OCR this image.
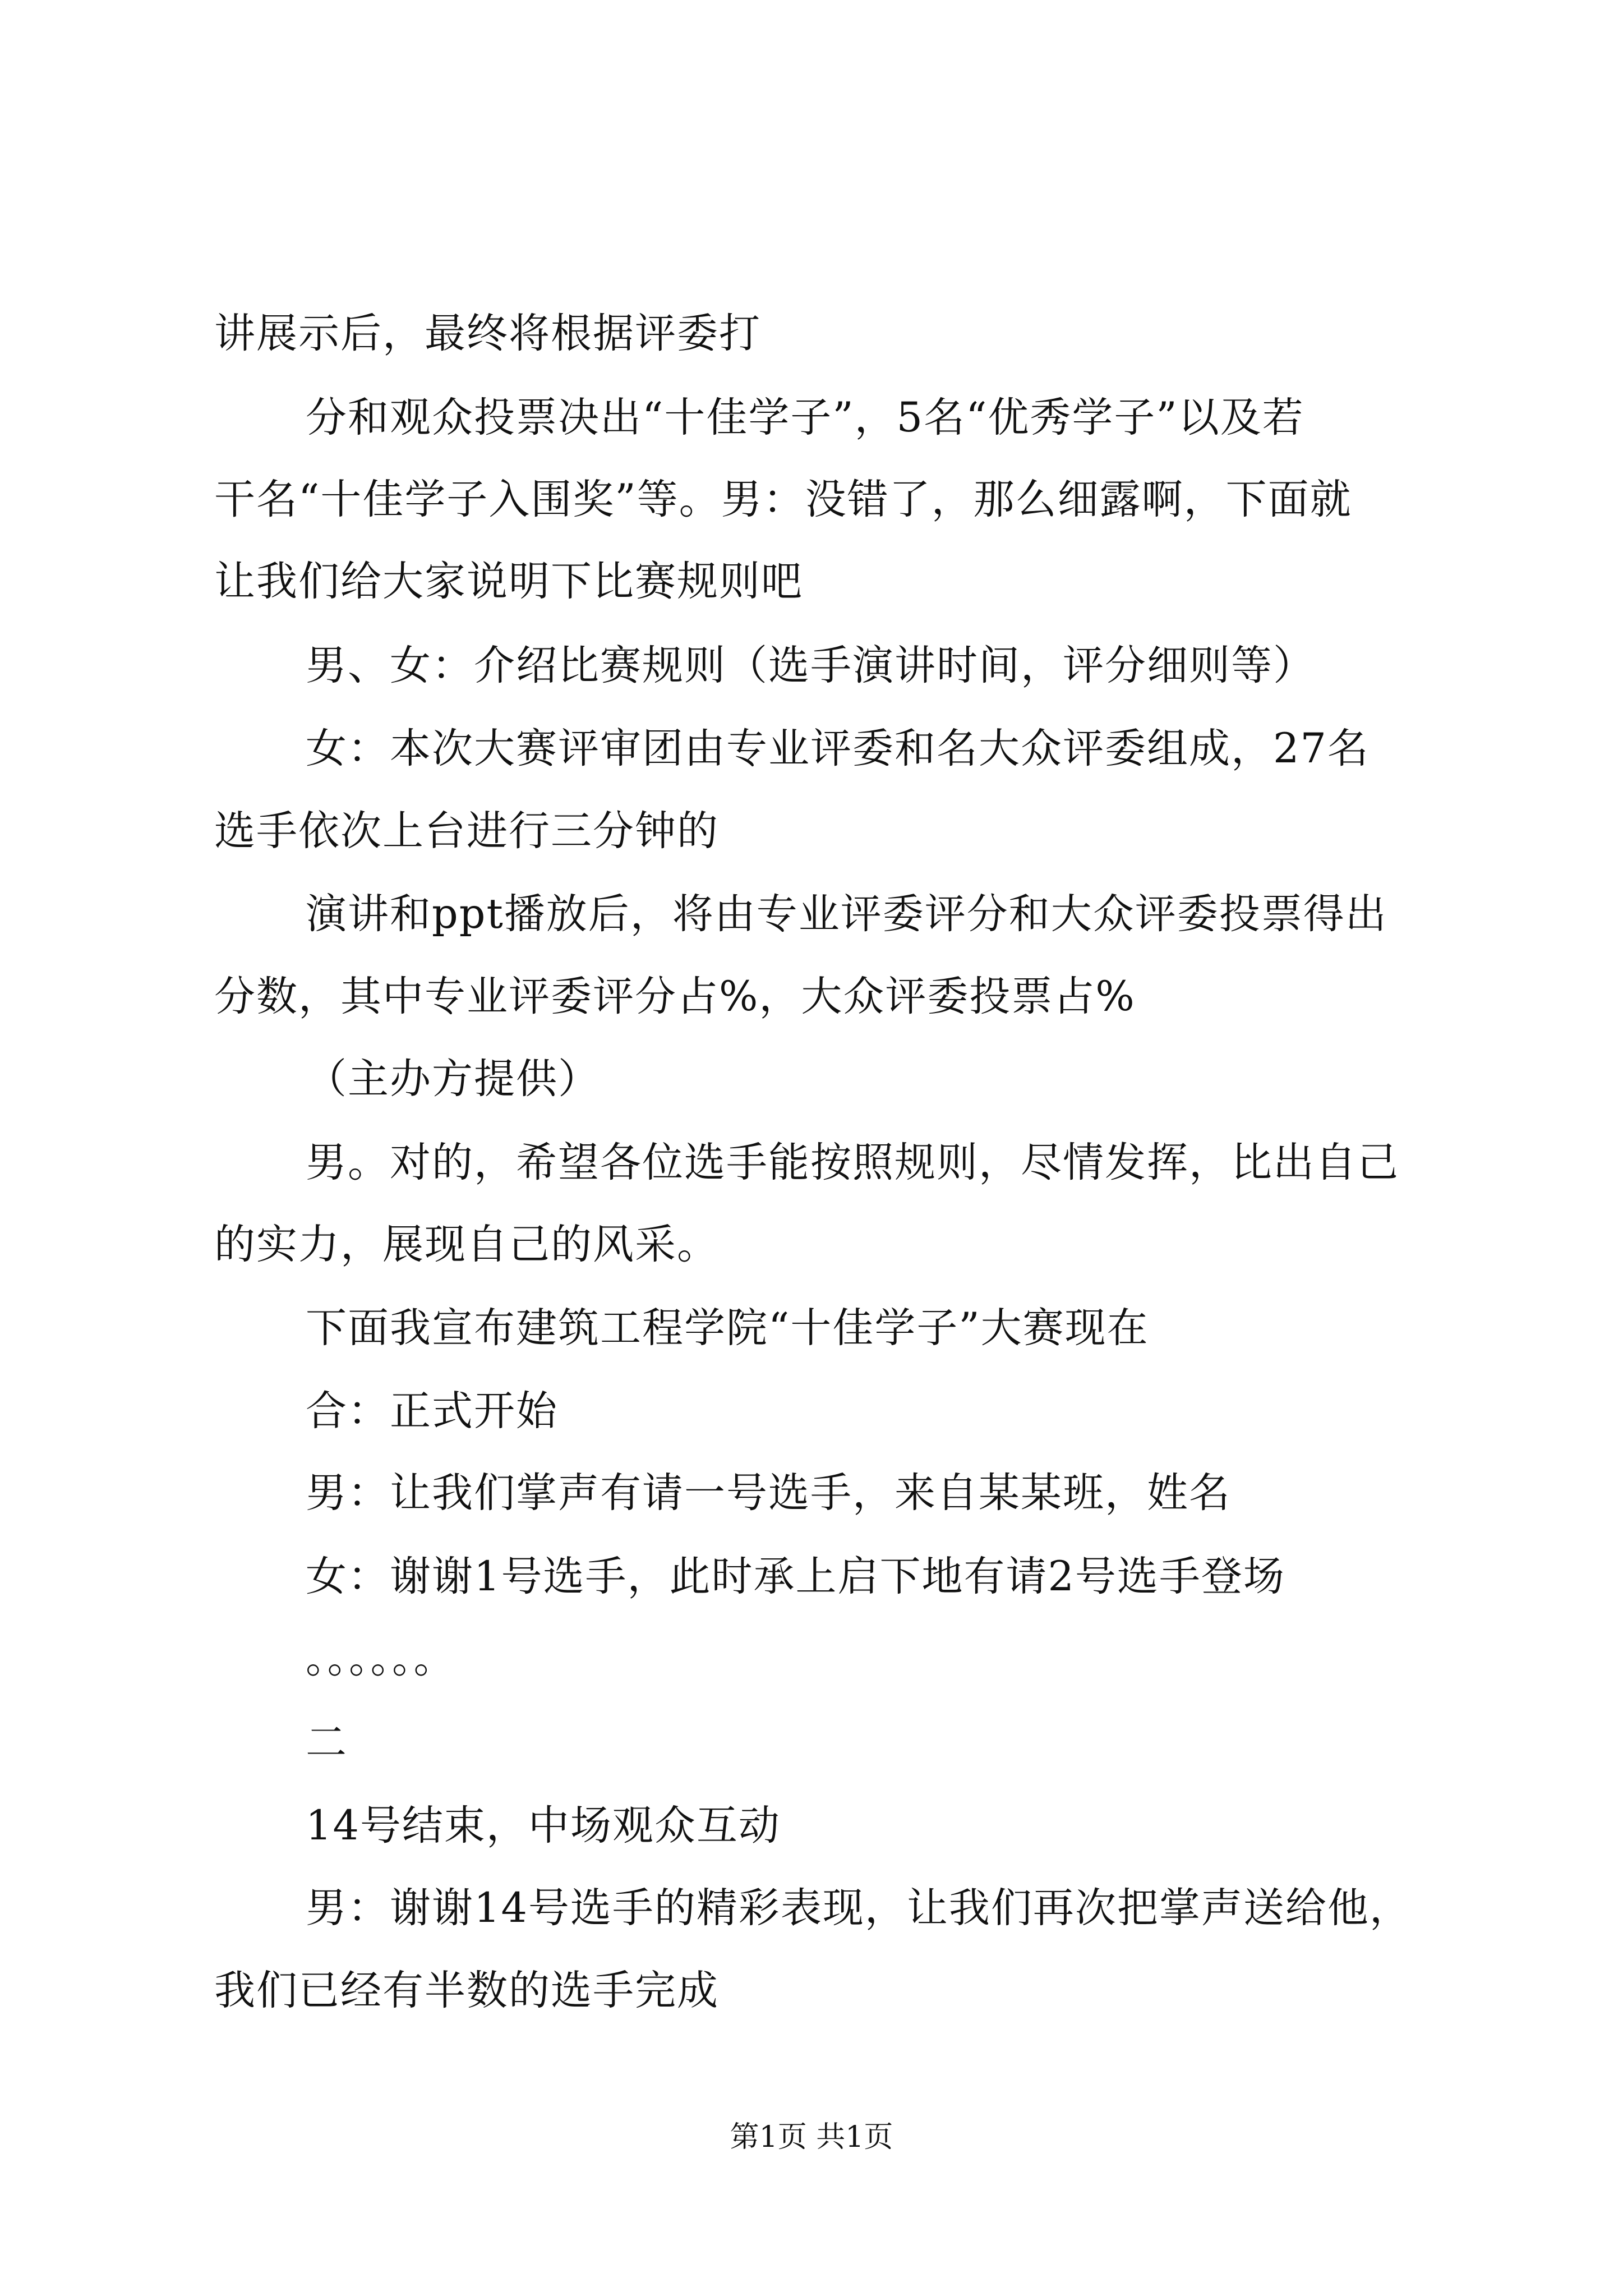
讲展示后，最终将根据评委打
分和观众投票决出“十佳学子”，5名“优秀学子”以及若
干名“十佳学子入围奖”等。男：没错了，那么细露啊，下面就
让我们给大家说明下比赛规则吧
男、女：介绍比赛规则（选手演讲时间，评分细则等）
女：本次大赛评审团由专业评委和名大众评委组成，27名
选手依次上台进行三分钟的
演讲和ppt播放后，将由专业评委评分和大众评委投票得出
分数，其中专业评委评分占%，大众评委投票占%
（主办方提供）
男。对的，希望各位选手能按照规则，尽情发挥，比出自己
的实力，展现自己的风采。
下面我宣布建筑工程学院“十佳学子”大赛现在
合：正式开始
男：让我们掌声有请一号选手，来自某某班，姓名
女：谢谢1号选手，此时承上启下地有请2号选手登场
。。。。。。
二
14号结束，中场观众互动
男：谢谢14号选手的精彩表现，让我们再次把掌声送给他，
我们已经有半数的选手完成
第1页 共1页
